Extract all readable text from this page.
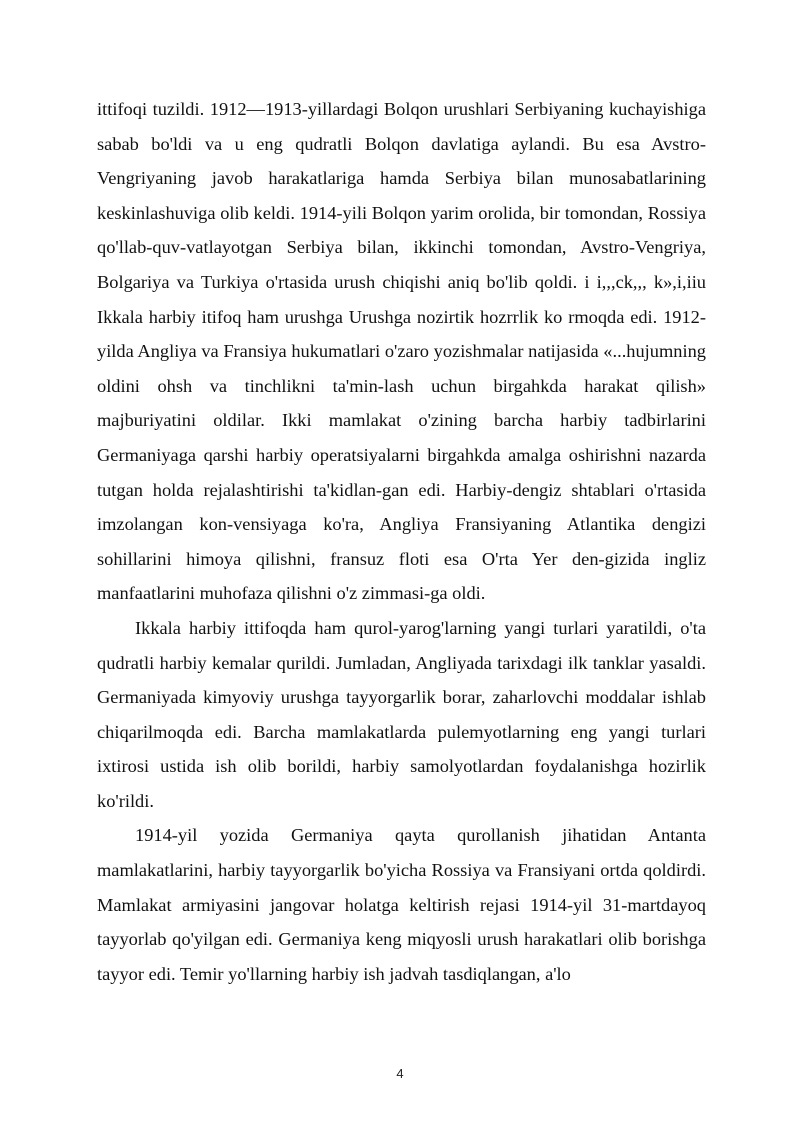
ittifoqi tuzildi. 1912—1913-yillardagi Bolqon urushlari Serbiyaning kuchayishiga sabab bo'ldi va u eng qudratli Bolqon davlatiga aylandi. Bu esa Avstro-Vengriyaning javob harakatlariga hamda Serbiya bilan munosabatlarining keskinlashuviga olib keldi. 1914-yili Bolqon yarim orolida, bir tomondan, Rossiya qo'llab-quv-vatlayotgan Serbiya bilan, ikkinchi tomondan, Avstro-Vengriya, Bolgariya va Turkiya o'rtasida urush chiqishi aniq bo'lib qoldi. i i,,,ck,,, k»,i,iiu Ikkala harbiy itifoq ham urushga Urushga nozirtik hozrrlik ko rmoqda edi. 1912-yilda Angliya va Fransiya hukumatlari o'zaro yozishmalar natijasida «...hujumning oldini ohsh va tinchlikni ta'min-lash uchun birgahkda harakat qilish» majburiyatini oldilar. Ikki mamlakat o'zining barcha harbiy tadbirlarini Germaniyaga qarshi harbiy operatsiyalarni birgahkda amalga oshirishni nazarda tutgan holda rejalashtirishi ta'kidlan-gan edi. Harbiy-dengiz shtablari o'rtasida imzolangan kon-vensiyaga ko'ra, Angliya Fransiyaning Atlantika dengizi sohillarini himoya qilishni, fransuz floti esa O'rta Yer den-gizida ingliz manfaatlarini muhofaza qilishni o'z zimmasi-ga oldi.

Ikkala harbiy ittifoqda ham qurol-yarog'larning yangi turlari yaratildi, o'ta qudratli harbiy kemalar qurildi. Jumladan, Angliyada tarixdagi ilk tanklar yasaldi. Germaniyada kimyoviy urushga tayyorgarlik borar, zaharlovchi moddalar ishlab chiqarilmoqda edi. Barcha mamlakatlarda pulemyotlarning eng yangi turlari ixtirosi ustida ish olib borildi, harbiy samolyotlardan foydalanishga hozirlik ko'rildi.

1914-yil yozida Germaniya qayta qurollanish jihatidan Antanta mamlakatlarini, harbiy tayyorgarlik bo'yicha Rossiya va Fransiyani ortda qoldirdi. Mamlakat armiyasini jangovar holatga keltirish rejasi 1914-yil 31-martdayoq tayyorlab qo'yilgan edi. Germaniya keng miqyosli urush harakatlari olib borishga tayyor edi. Temir yo'llarning harbiy ish jadvah tasdiqlangan, a'lo

4
